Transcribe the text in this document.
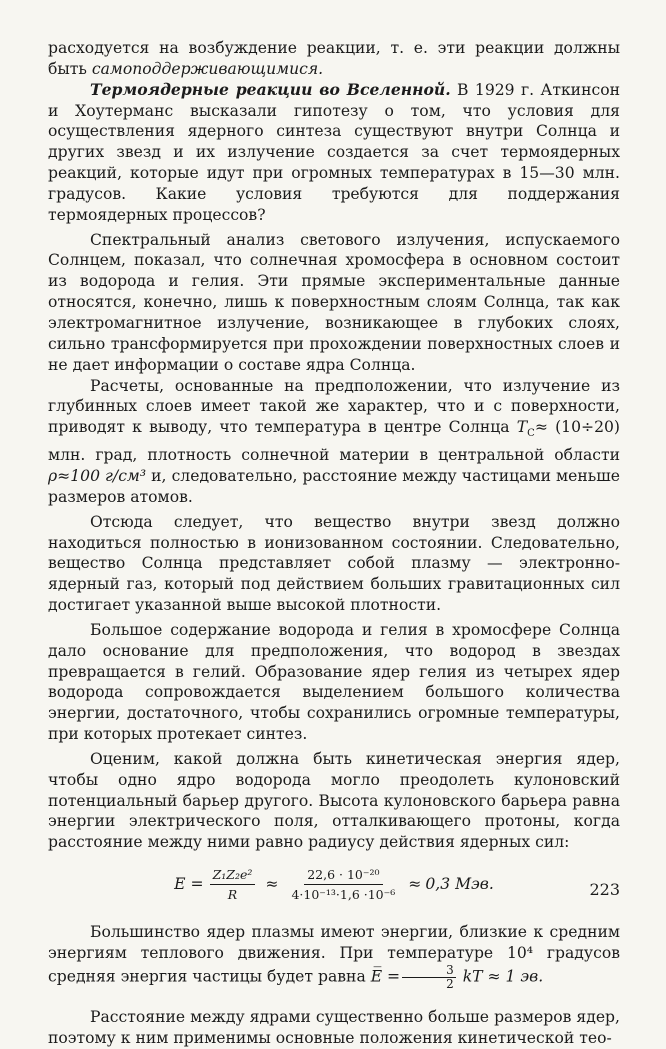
расходуется на возбуждение реакции, т. е. эти реакции должны быть самоподдерживающимися.

Термоядерные реакции во Вселенной. В 1929 г. Аткинсон и Хоутерманс высказали гипотезу о том, что условия для осуществления ядерного синтеза существуют внутри Солнца и других звезд и их излучение создается за счет термоядерных реакций, которые идут при огромных температурах в 15—30 млн. градусов. Какие условия требуются для поддержания термоядерных процессов?

Спектральный анализ светового излучения, испускаемого Солнцем, показал, что солнечная хромосфера в основном состоит из водорода и гелия. Эти прямые экспериментальные данные относятся, конечно, лишь к поверхностным слоям Солнца, так как электромагнитное излучение, возникающее в глубоких слоях, сильно трансформируется при прохождении поверхностных слоев и не дает информации о составе ядра Солнца.

Расчеты, основанные на предположении, что излучение из глубинных слоев имеет такой же характер, что и с поверхности, приводят к выводу, что температура в центре Солнца $T_C\approx (10\div 20)$ млн. град, плотность солнечной материи в центральной области ρ≈100 г/см³ и, следовательно, расстояние между частицами меньше размеров атомов.

Отсюда следует, что вещество внутри звезд должно находиться полностью в ионизованном состоянии. Следовательно, вещество Солнца представляет собой плазму — электронно-ядерный газ, который под действием больших гравитационных сил достигает указанной выше высокой плотности.

Большое содержание водорода и гелия в хромосфере Солнца дало основание для предположения, что водород в звездах превращается в гелий. Образование ядер гелия из четырех ядер водорода сопровождается выделением большого количества энергии, достаточного, чтобы сохранились огромные температуры, при которых протекает синтез.

Оценим, какой должна быть кинетическая энергия ядер, чтобы одно ядро водорода могло преодолеть кулоновский потенциальный барьер другого. Высота кулоновского барьера равна энергии электрического поля, отталкивающего протоны, когда расстояние между ними равно радиусу действия ядерных сил:

$E = \frac{\text{Z₁Z₂e²}}{R} \approx \frac{\text{22,6 · 10⁻²⁰}}{\text{4·10⁻¹³·1,6 ·10⁻⁶}} \approx 0,3$ Мэв.

Большинство ядер плазмы имеют энергии, близкие к средним энергиям теплового движения. При температуре 10⁴ градусов средняя энергия частицы будет равна E̅ = $\frac{3}{2}$ kT ≈ 1 эв.

Расстояние между ядрами существенно больше размеров ядер, поэтому к ним применимы основные положения кинетической тео-

223
